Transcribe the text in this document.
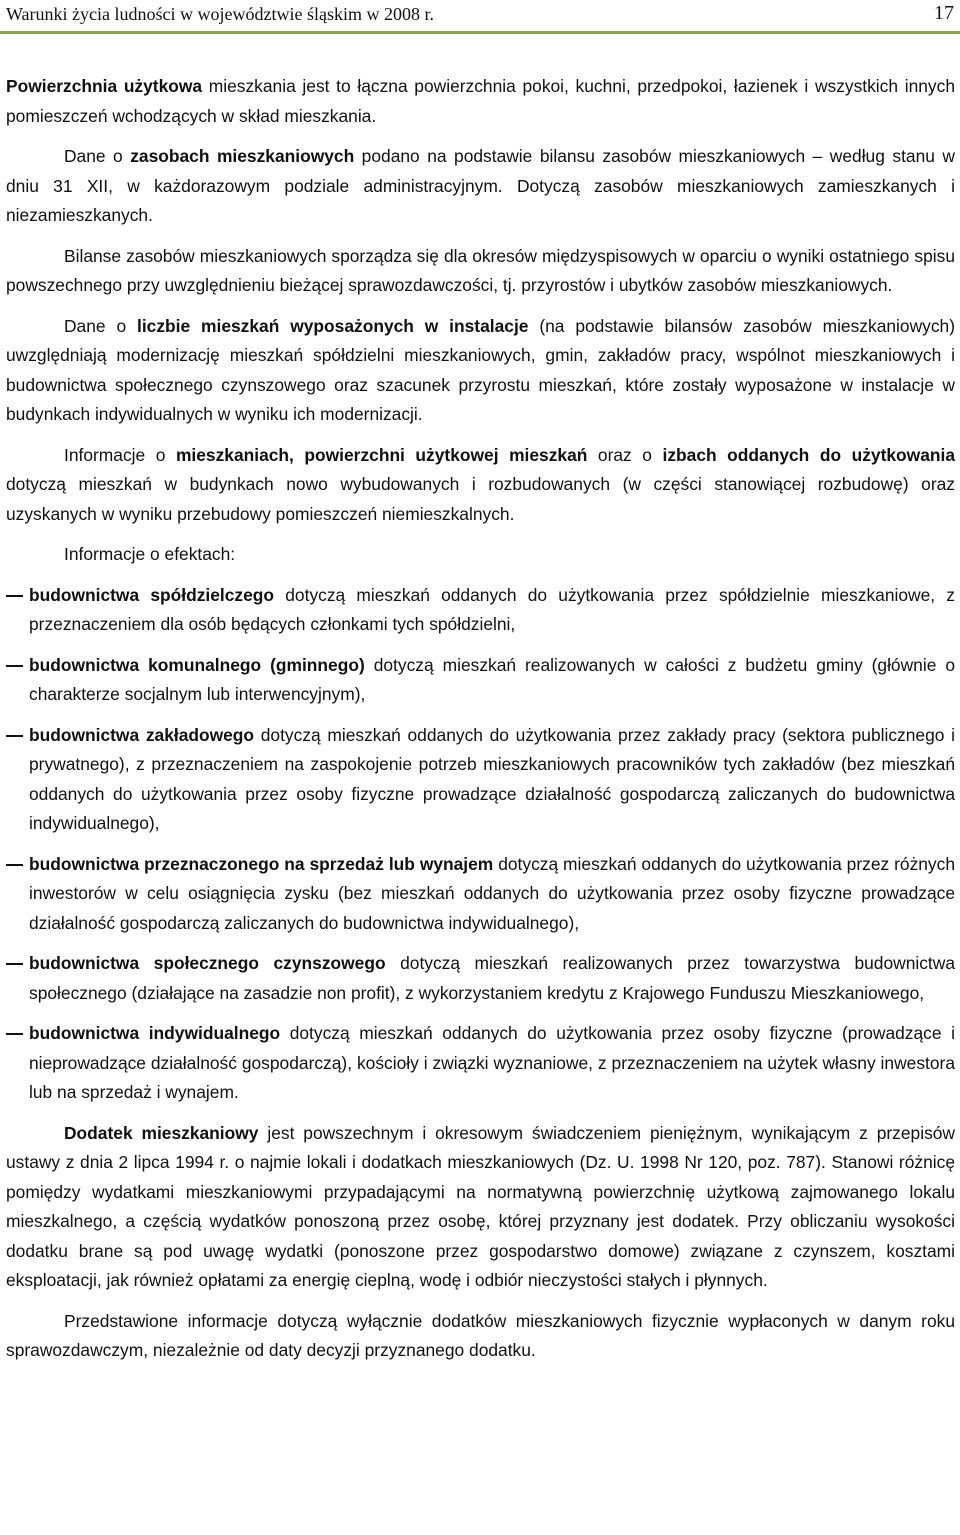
Warunki życia ludności w województwie śląskim w 2008 r.	17

Powierzchnia użytkowa mieszkania jest to łączna powierzchnia pokoi, kuchni, przedpokoi, łazienek i wszystkich innych pomieszczeń wchodzących w skład mieszkania.

Dane o zasobach mieszkaniowych podano na podstawie bilansu zasobów mieszkaniowych – według stanu w dniu 31 XII, w każdorazowym podziale administracyjnym. Dotyczą zasobów mieszkaniowych zamieszkanych i niezamieszkanych.

Bilanse zasobów mieszkaniowych sporządza się dla okresów międzyspisowych w oparciu o wyniki ostatniego spisu powszechnego przy uwzględnieniu bieżącej sprawozdawczości, tj. przyrostów i ubytków zasobów mieszkaniowych.

Dane o liczbie mieszkań wyposażonych w instalacje (na podstawie bilansów zasobów mieszkaniowych) uwzględniają modernizację mieszkań spółdzielni mieszkaniowych, gmin, zakładów pracy, wspólnot mieszkaniowych i budownictwa społecznego czynszowego oraz szacunek przyrostu mieszkań, które zostały wyposażone w instalacje w budynkach indywidualnych w wyniku ich modernizacji.

Informacje o mieszkaniach, powierzchni użytkowej mieszkań oraz o izbach oddanych do użytkowania dotyczą mieszkań w budynkach nowo wybudowanych i rozbudowanych (w części stanowiącej rozbudowę) oraz uzyskanych w wyniku przebudowy pomieszczeń niemieszkalnych.

Informacje o efektach:

budownictwa spółdzielczego dotyczą mieszkań oddanych do użytkowania przez spółdzielnie mieszkaniowe, z przeznaczeniem dla osób będących członkami tych spółdzielni,
budownictwa komunalnego (gminnego) dotyczą mieszkań realizowanych w całości z budżetu gminy (głównie o charakterze socjalnym lub interwencyjnym),
budownictwa zakładowego dotyczą mieszkań oddanych do użytkowania przez zakłady pracy (sektora publicznego i prywatnego), z przeznaczeniem na zaspokojenie potrzeb mieszkaniowych pracowników tych zakładów (bez mieszkań oddanych do użytkowania przez osoby fizyczne prowadzące działalność gospodarczą zaliczanych do budownictwa indywidualnego),
budownictwa przeznaczonego na sprzedaż lub wynajem dotyczą mieszkań oddanych do użytkowania przez różnych inwestorów w celu osiągnięcia zysku (bez mieszkań oddanych do użytkowania przez osoby fizyczne prowadzące działalność gospodarczą zaliczanych do budownictwa indywidualnego),
budownictwa społecznego czynszowego dotyczą mieszkań realizowanych przez towarzystwa budownictwa społecznego (działające na zasadzie non profit), z wykorzystaniem kredytu z Krajowego Funduszu Mieszkaniowego,
budownictwa indywidualnego dotyczą mieszkań oddanych do użytkowania przez osoby fizyczne (prowadzące i nieprowadzące działalność gospodarczą), kościoły i związki wyznaniowe, z przeznaczeniem na użytek własny inwestora lub na sprzedaż i wynajem.

Dodatek mieszkaniowy jest powszechnym i okresowym świadczeniem pieniężnym, wynikającym z przepisów ustawy z dnia 2 lipca 1994 r. o najmie lokali i dodatkach mieszkaniowych (Dz. U. 1998 Nr 120, poz. 787). Stanowi różnicę pomiędzy wydatkami mieszkaniowymi przypadającymi na normatywną powierzchnię użytkową zajmowanego lokalu mieszkalnego, a częścią wydatków ponoszoną przez osobę, której przyznany jest dodatek. Przy obliczaniu wysokości dodatku brane są pod uwagę wydatki (ponoszone przez gospodarstwo domowe) związane z czynszem, kosztami eksploatacji, jak również opłatami za energię cieplną, wodę i odbiór nieczystości stałych i płynnych.

Przedstawione informacje dotyczą wyłącznie dodatków mieszkaniowych fizycznie wypłaconych w danym roku sprawozdawczym, niezależnie od daty decyzji przyznanego dodatku.
